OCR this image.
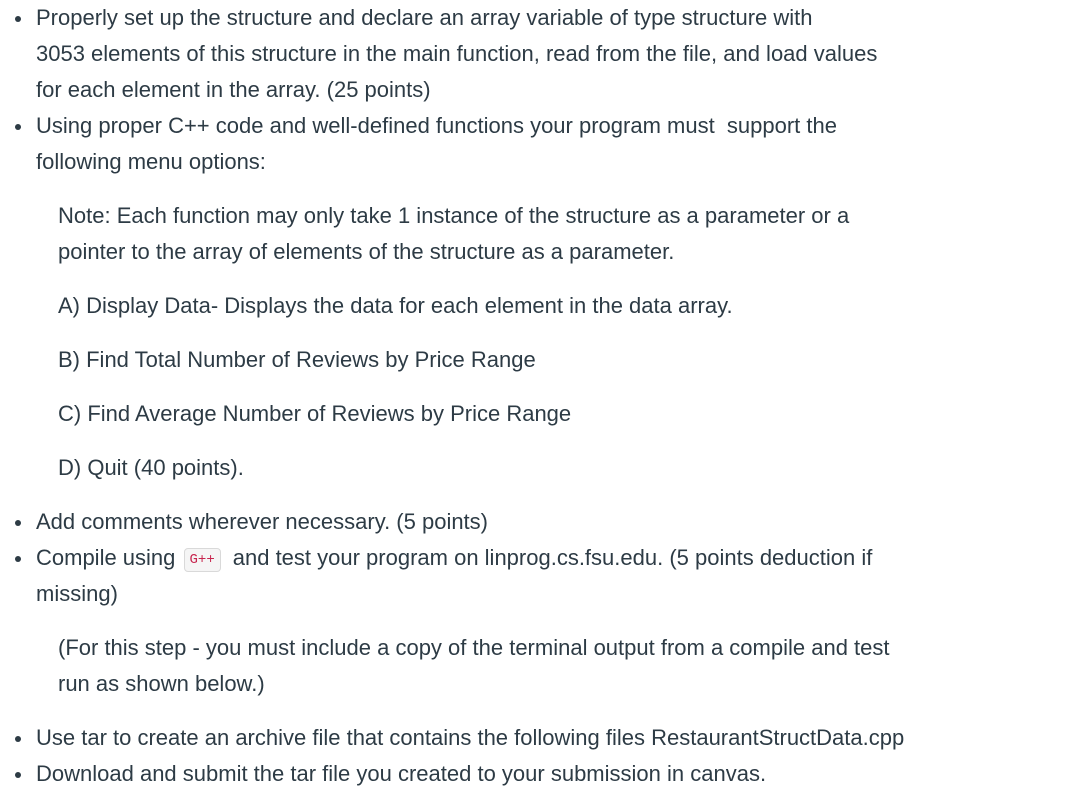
Properly set up the structure and declare an array variable of type structure with
3053 elements of this structure in the main function, read from the file, and load values
for each element in the array. (25 points)
Using proper C++ code and well-defined functions your program must  support the
following menu options:
Note: Each function may only take 1 instance of the structure as a parameter or a
pointer to the array of elements of the structure as a parameter.
A) Display Data- Displays the data for each element in the data array.
B) Find Total Number of Reviews by Price Range
C) Find Average Number of Reviews by Price Range
D) Quit (40 points).
Add comments wherever necessary. (5 points)
Compile using G++ and test your program on linprog.cs.fsu.edu. (5 points deduction if
missing)
(For this step - you must include a copy of the terminal output from a compile and test
run as shown below.)
Use tar to create an archive file that contains the following files RestaurantStructData.cpp
Download and submit the tar file you created to your submission in canvas.
